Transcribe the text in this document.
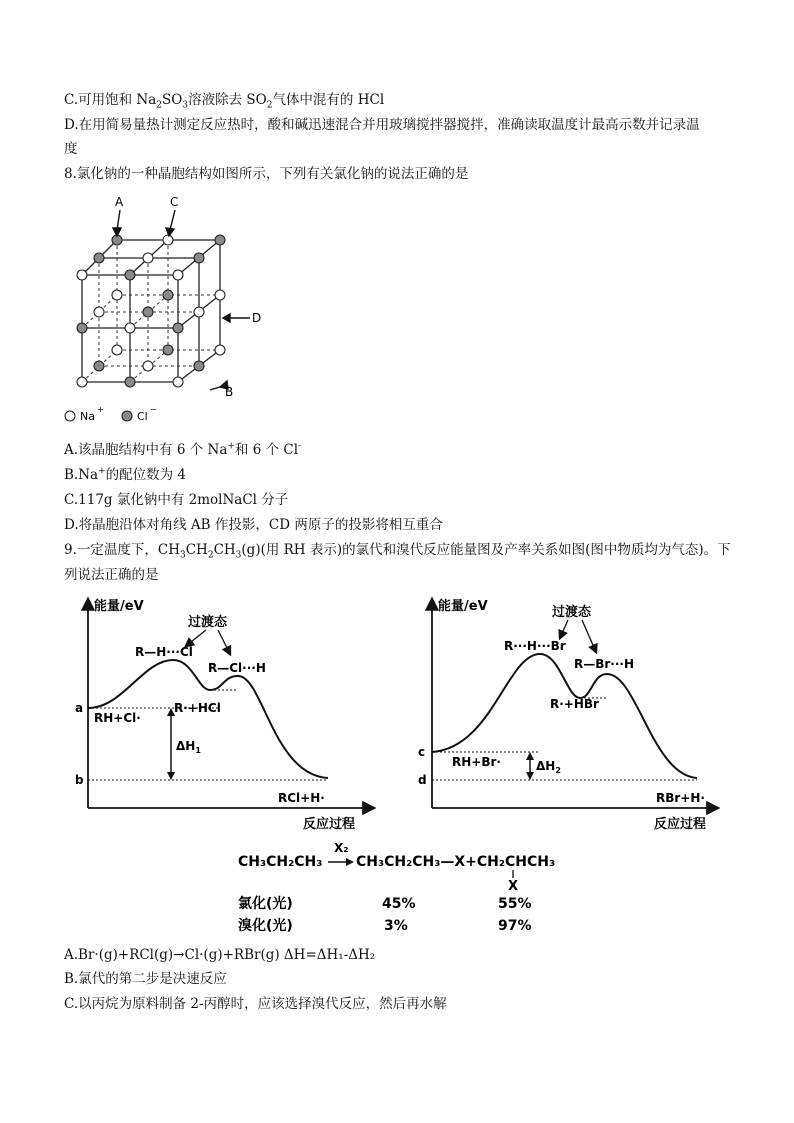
C.可用饱和 $Na_2SO_3$溶液除去 $SO_2$气体中混有的 HCl
D.在用简易量热计测定反应热时，酸和碱迅速混合并用玻璃搅拌器搅拌，准确读取温度计最高示数并记录温
度
8.氯化钠的一种晶胞结构如图所示，下列有关氯化钠的说法正确的是
A	C
D
B
Na
+
Cl
−
A.该晶胞结构中有 6 个 Na+和 6 个 Cl-
B.Na+的配位数为 4
C.117g 氯化钠中有 2molNaCl 分子
D.将晶胞沿体对角线 AB 作投影，CD 两原子的投影将相互重合
9.一定温度下，$CH_3CH_2CH_3(g)$(用 RH 表示)的氯代和溴代反应能量图及产率关系如图(图中物质均为气态)。下
列说法正确的是
能量/eV
反应过程
a
b
RH+Cl·
R·+HCl
RCl+H·
$\Delta H_1$
过渡态
R—H···Cl
R—Cl···H
能量/eV
反应过程
c
d
RH+Br·
R·+HBr
RBr+H·
$\Delta H_2$
过渡态
R···H···Br
R—Br···H
CH₃CH₂CH₃
X₂
CH₃CH₂CH₃—X+CH₂CHCH₃
X
氯化(光)	45%	55%
溴化(光)	3%	97%
A.Br·(g)+RCl(g)→Cl·(g)+RBr(g) ΔH=ΔH₁-ΔH₂
B.氯代的第二步是决速反应
C.以丙烷为原料制备 2-丙醇时，应该选择溴代反应，然后再水解
